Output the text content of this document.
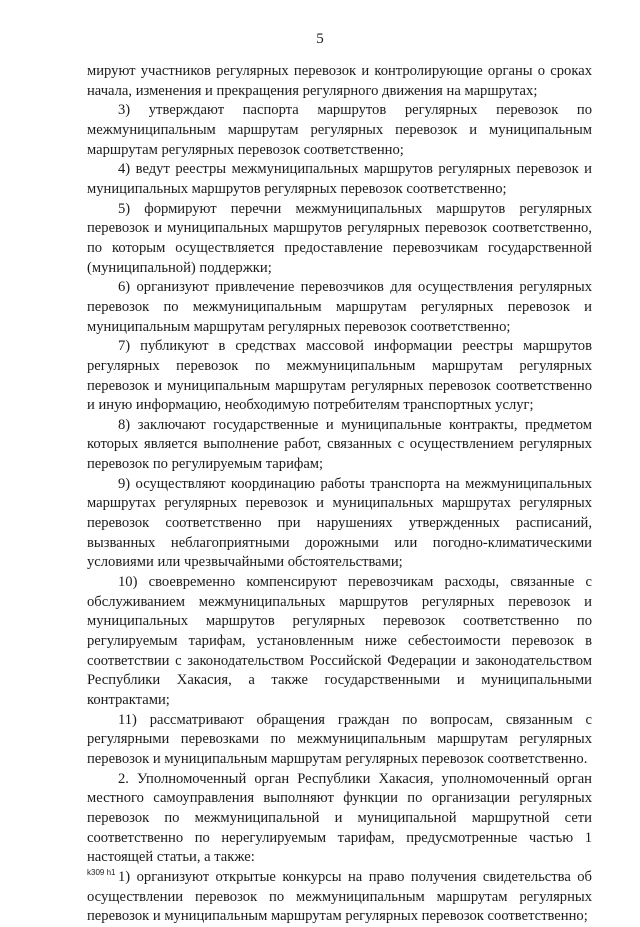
5

мируют участников регулярных перевозок и контролирующие органы о сроках начала, изменения и прекращения регулярного движения на маршрутах;

3) утверждают паспорта маршрутов регулярных перевозок по межмуниципальным маршрутам регулярных перевозок и муниципальным маршрутам регулярных перевозок соответственно;

4) ведут реестры межмуниципальных маршрутов регулярных перевозок и муниципальных маршрутов регулярных перевозок соответственно;

5) формируют перечни межмуниципальных маршрутов регулярных перевозок и муниципальных маршрутов регулярных перевозок соответственно, по которым осуществляется предоставление перевозчикам государственной (муниципальной) поддержки;

6) организуют привлечение перевозчиков для осуществления регулярных перевозок по межмуниципальным маршрутам регулярных перевозок и муниципальным маршрутам регулярных перевозок соответственно;

7) публикуют в средствах массовой информации реестры маршрутов регулярных перевозок по межмуниципальным маршрутам регулярных перевозок и муниципальным маршрутам регулярных перевозок соответственно и иную информацию, необходимую потребителям транспортных услуг;

8) заключают государственные и муниципальные контракты, предметом которых является выполнение работ, связанных с осуществлением регулярных перевозок по регулируемым тарифам;

9) осуществляют координацию работы транспорта на межмуниципальных маршрутах регулярных перевозок и муниципальных маршрутах регулярных перевозок соответственно при нарушениях утвержденных расписаний, вызванных неблагоприятными дорожными или погодно-климатическими условиями или чрезвычайными обстоятельствами;

10) своевременно компенсируют перевозчикам расходы, связанные с обслуживанием межмуниципальных маршрутов регулярных перевозок и муниципальных маршрутов регулярных перевозок соответственно по регулируемым тарифам, установленным ниже себестоимости перевозок в соответствии с законодательством Российской Федерации и законодательством Республики Хакасия, а также государственными и муниципальными контрактами;

11) рассматривают обращения граждан по вопросам, связанным с регулярными перевозками по межмуниципальным маршрутам регулярных перевозок и муниципальным маршрутам регулярных перевозок соответственно.

2. Уполномоченный орган Республики Хакасия, уполномоченный орган местного самоуправления выполняют функции по организации регулярных перевозок по межмуниципальной и муниципальной маршрутной сети соответственно по нерегулируемым тарифам, предусмотренные частью 1 настоящей статьи, а также:

1) организуют открытые конкурсы на право получения свидетельства об осуществлении перевозок по межмуниципальным маршрутам регулярных перевозок и муниципальным маршрутам регулярных перевозок соответственно;

k309 h1
